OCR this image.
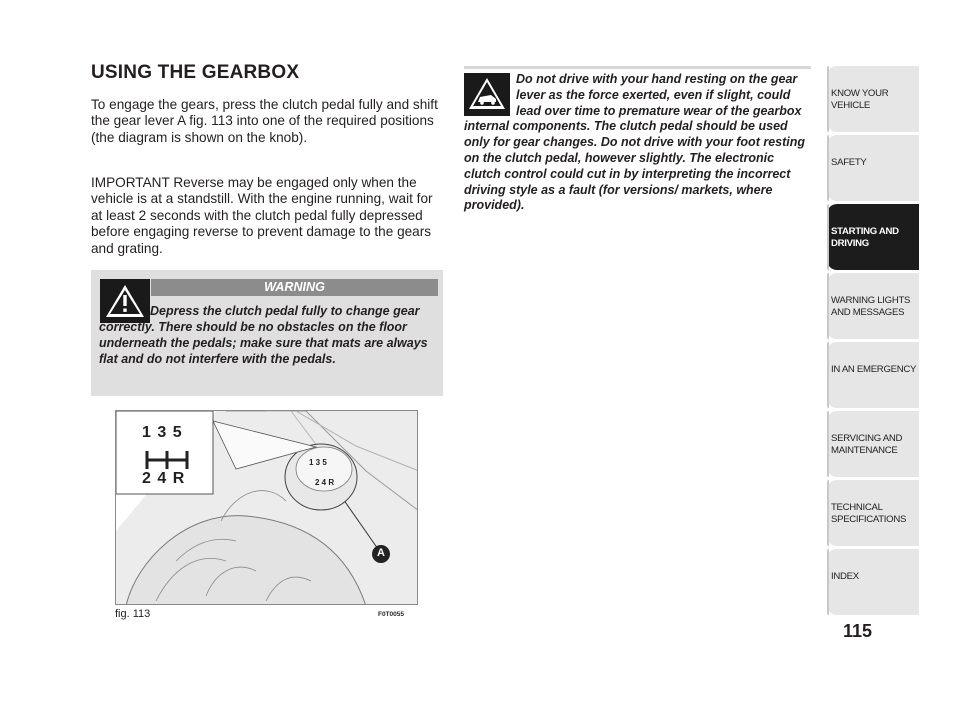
USING THE GEARBOX

To engage the gears, press the clutch pedal fully and shift the gear lever A fig. 113 into one of the required positions (the diagram is shown on the knob).

IMPORTANT Reverse may be engaged only when the vehicle is at a standstill. With the engine running, wait for at least 2 seconds with the clutch pedal fully depressed before engaging reverse to prevent damage to the gears and grating.

WARNING

Depress the clutch pedal fully to change gear correctly. There should be no obstacles on the floor underneath the pedals; make sure that mats are always flat and do not interfere with the pedals.

1 3 5
2 4 R
1 3 5
2 4 R
A
fig. 113	F0T0055
Do not drive with your hand resting on the gear lever as the force exerted, even if slight, could lead over time to premature wear of the gearbox internal components. The clutch pedal should be used only for gear changes. Do not drive with your foot resting on the clutch pedal, however slightly. The electronic clutch control could cut in by interpreting the incorrect driving style as a fault (for versions/ markets, where provided).
KNOW YOUR VEHICLE
SAFETY
STARTING AND DRIVING
WARNING LIGHTS AND MESSAGES
IN AN EMERGENCY
SERVICING AND MAINTENANCE
TECHNICAL SPECIFICATIONS
INDEX
115
